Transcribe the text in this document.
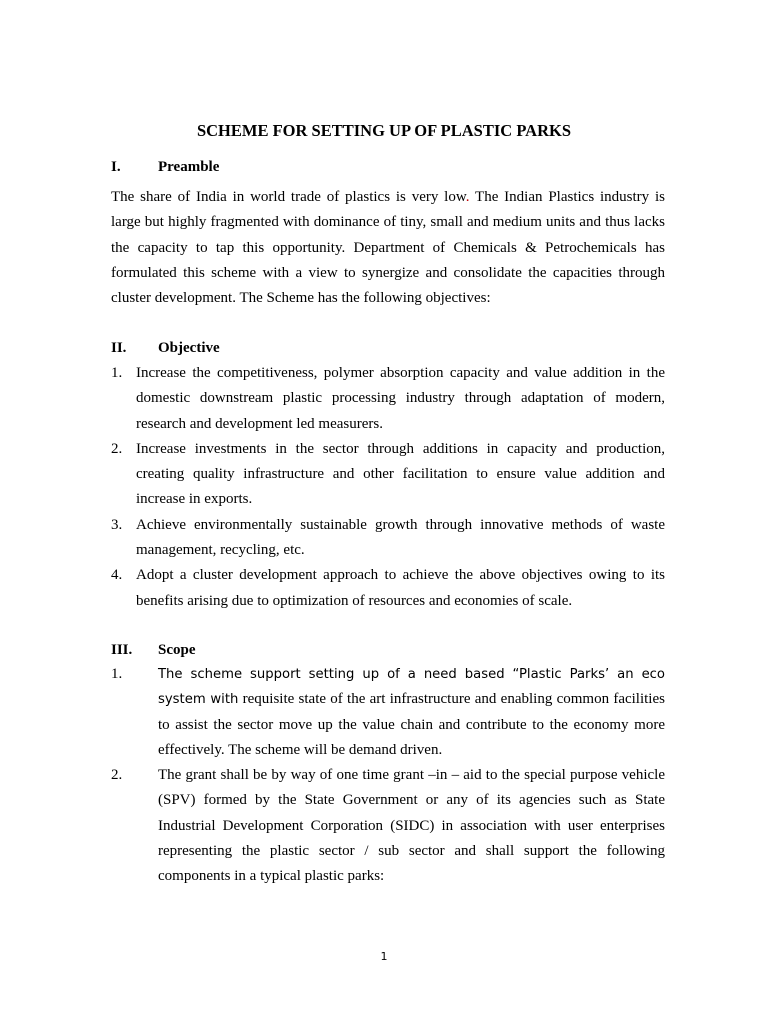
SCHEME FOR SETTING UP OF PLASTIC PARKS
I. Preamble

The share of India in world trade of plastics is very low. The Indian Plastics industry is large but highly fragmented with dominance of tiny, small and medium units and thus lacks the capacity to tap this opportunity. Department of Chemicals & Petrochemicals has formulated this scheme with a view to synergize and consolidate the capacities through cluster development. The Scheme has the following objectives:

II. Objective
1. Increase the competitiveness, polymer absorption capacity and value addition in the domestic downstream plastic processing industry through adaptation of modern, research and development led measurers.
2. Increase investments in the sector through additions in capacity and production, creating quality infrastructure and other facilitation to ensure value addition and increase in exports.
3. Achieve environmentally sustainable growth through innovative methods of waste management, recycling, etc.
4. Adopt a cluster development approach to achieve the above objectives owing to its benefits arising due to optimization of resources and economies of scale.
III. Scope
1.	The scheme support setting up of a need based “Plastic Parks’ an eco system with requisite state of the art infrastructure and enabling common facilities to assist the sector move up the value chain and contribute to the economy more effectively. The scheme will be demand driven.
2. The grant shall be by way of one time grant –in – aid to the special purpose vehicle (SPV) formed by the State Government or any of its agencies such as State Industrial Development Corporation (SIDC) in association with user enterprises representing the plastic sector / sub sector and shall support the following components in a typical plastic parks:
1
